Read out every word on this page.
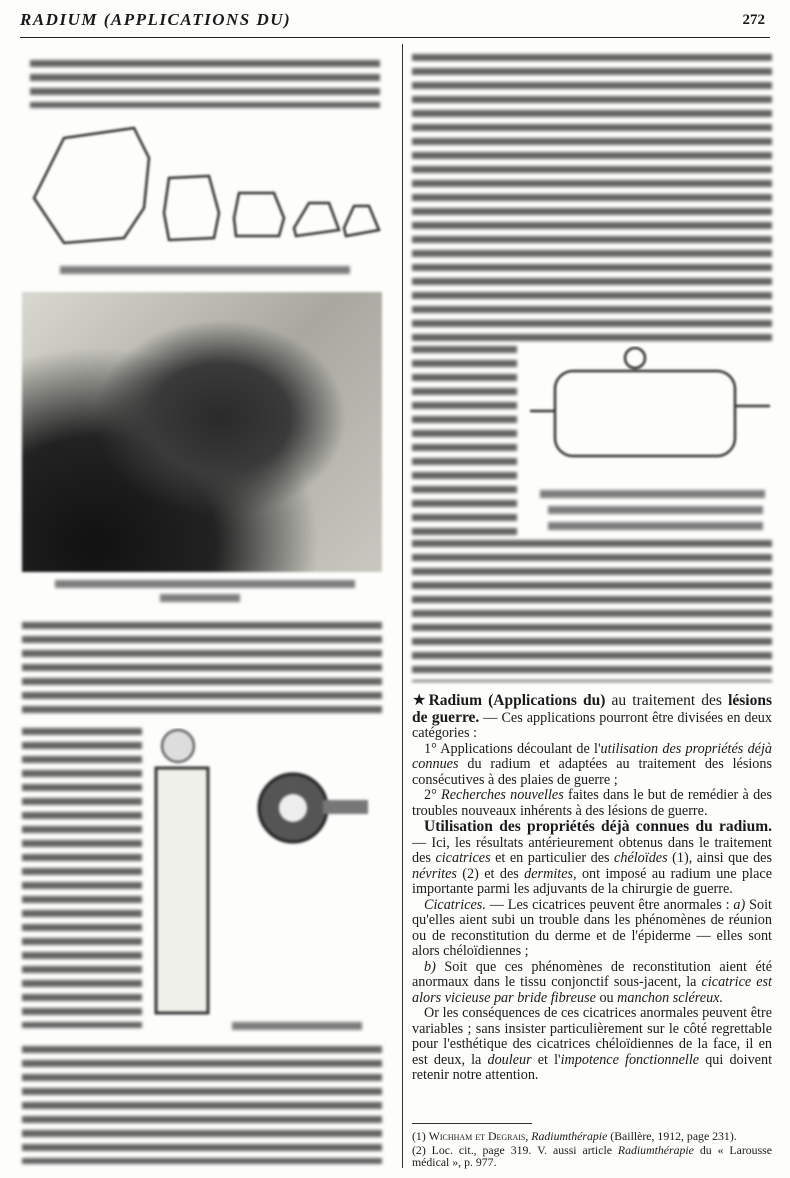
RADIUM (APPLICATIONS DU)	272

★Radium (Applications du) au traitement des lésions de guerre. — Ces applications pourront être divisées en deux catégories :

1° Applications découlant de l'utilisation des propriétés déjà connues du radium et adaptées au traitement des lésions consécutives à des plaies de guerre ;

2° Recherches nouvelles faites dans le but de remédier à des troubles nouveaux inhérents à des lésions de guerre.

Utilisation des propriétés déjà connues du radium. — Ici, les résultats antérieurement obtenus dans le traitement des cicatrices et en particulier des chéloïdes (1), ainsi que des névrites (2) et des dermites, ont imposé au radium une place importante parmi les adjuvants de la chirurgie de guerre.

Cicatrices. — Les cicatrices peuvent être anormales : a) Soit qu'elles aient subi un trouble dans les phénomènes de réunion ou de reconstitution du derme et de l'épiderme — elles sont alors chéloïdiennes ;

b) Soit que ces phénomènes de reconstitution aient été anormaux dans le tissu conjonctif sous-jacent, la cicatrice est alors vicieuse par bride fibreuse ou manchon scléreux.

Or les conséquences de ces cicatrices anormales peuvent être variables ; sans insister particulièrement sur le côté regrettable pour l'esthétique des cicatrices chéloïdiennes de la face, il en est deux, la douleur et l'impotence fonctionnelle qui doivent retenir notre attention.

(1) Wichham et Degrais, Radiumthérapie (Baillère, 1912, page 231).

(2) Loc. cit., page 319. V. aussi article Radiumthérapie du « Larousse médical », p. 977.
